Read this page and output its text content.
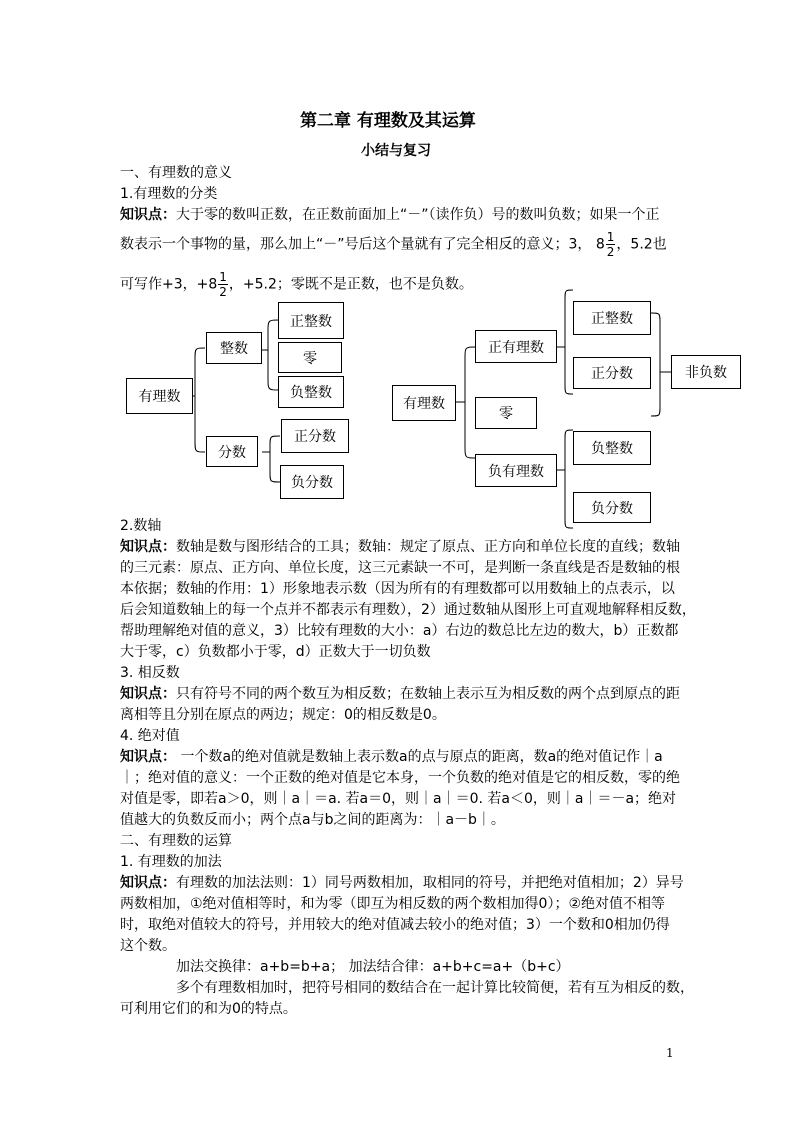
第二章 有理数及其运算
小结与复习
一、有理数的意义
1.有理数的分类
知识点：大于零的数叫正数，在正数前面加上“－”（读作负）号的数叫负数；如果一个正
数表示一个事物的量，那么加上“－”号后这个量就有了完全相反的意义；3， $8 \frac{1}{2}$ ，5.2也
可写作+3，$+8 \frac{1}{2}$ ，+5.2；零既不是正数，也不是负数。
有理数
整数
正整数
零
负整数
分数
正分数
负分数
有理数
正有理数
正整数
正分数	非负数
零
负有理数
负整数
负分数
2.数轴
知识点：数轴是数与图形结合的工具；数轴：规定了原点、正方向和单位长度的直线；数轴
的三元素：原点、正方向、单位长度，这三元素缺一不可，是判断一条直线是否是数轴的根
本依据；数轴的作用：1）形象地表示数（因为所有的有理数都可以用数轴上的点表示，以
后会知道数轴上的每一个点并不都表示有理数），2）通过数轴从图形上可直观地解释相反数，
帮助理解绝对值的意义，3）比较有理数的大小：a）右边的数总比左边的数大，b）正数都
大于零，c）负数都小于零，d）正数大于一切负数
3. 相反数
知识点：只有符号不同的两个数互为相反数；在数轴上表示互为相反数的两个点到原点的距
离相等且分别在原点的两边；规定：0的相反数是0。
4. 绝对值
知识点： 一个数a的绝对值就是数轴上表示数a的点与原点的距离，数a的绝对值记作｜a
｜；绝对值的意义：一个正数的绝对值是它本身，一个负数的绝对值是它的相反数，零的绝
对值是零，即若a＞0，则｜a｜＝a. 若a＝0，则｜a｜＝0. 若a＜0，则｜a｜＝－a；绝对
值越大的负数反而小；两个点a与b之间的距离为：｜a－b｜。
二、有理数的运算
1. 有理数的加法
知识点：有理数的加法法则：1）同号两数相加，取相同的符号，并把绝对值相加；2）异号
两数相加，①绝对值相等时，和为零（即互为相反数的两个数相加得0）；②绝对值不相等
时，取绝对值较大的符号，并用较大的绝对值减去较小的绝对值；3）一个数和0相加仍得
这个数。
加法交换律：a+b=b+a； 加法结合律：a+b+c=a+（b+c）
多个有理数相加时，把符号相同的数结合在一起计算比较简便，若有互为相反的数，
可利用它们的和为0的特点。
1
